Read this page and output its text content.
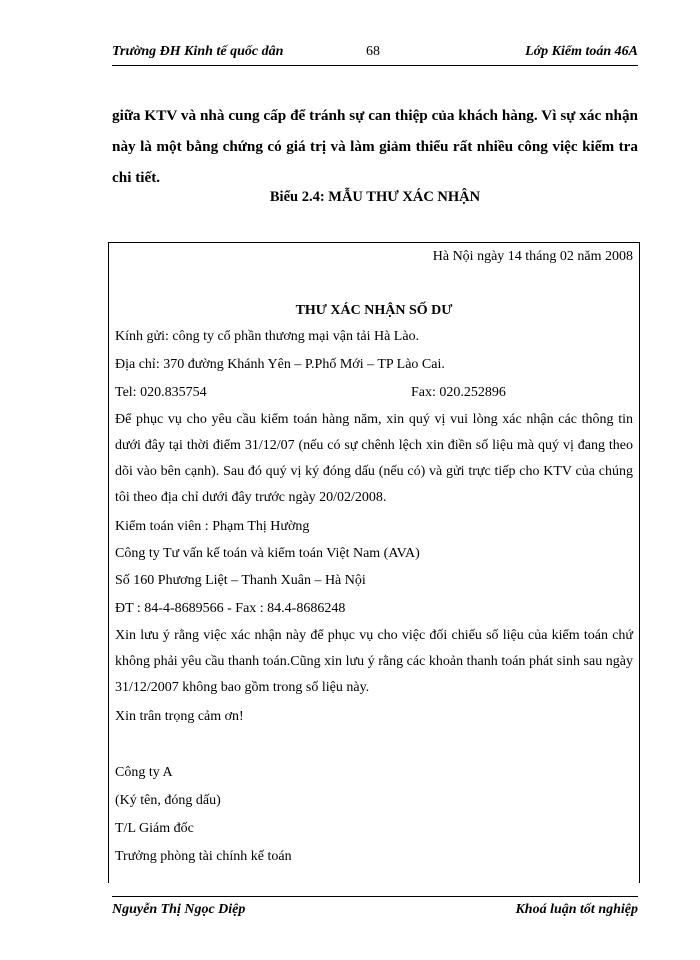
Trường ĐH Kinh tế quốc dân	68	Lớp Kiểm toán 46A

giữa KTV và nhà cung cấp để tránh sự can thiệp của khách hàng. Vì sự xác nhận này là một bằng chứng có giá trị và làm giảm thiểu rất nhiều công việc kiểm tra chi tiết.

Biểu 2.4: MẪU THƯ XÁC NHẬN
Hà Nội ngày 14 tháng 02 năm 2008
THƯ XÁC NHẬN SỐ DƯ
Kính gửi: công ty cổ phần thương mại vận tải Hà Lào.
Địa chỉ: 370 đường Khánh Yên – P.Phố Mới – TP Lào Cai.
Tel: 020.835754	Fax: 020.252896

Để phục vụ cho yêu cầu kiểm toán hàng năm, xin quý vị vui lòng xác nhận các thông tin dưới đây tại thời điểm 31/12/07 (nếu có sự chênh lệch xin điền số liệu mà quý vị đang theo dõi vào bên cạnh). Sau đó quý vị ký đóng dấu (nếu có) và gửi trực tiếp cho KTV của chúng tôi theo địa chỉ dưới đây trước ngày 20/02/2008.

Kiểm toán viên : Phạm Thị Hường
Công ty Tư vấn kế toán và kiểm toán Việt Nam (AVA)
Số 160 Phương Liệt – Thanh Xuân – Hà Nội
ĐT : 84-4-8689566 - Fax : 84.4-8686248

Xin lưu ý rằng việc xác nhận này để phục vụ cho việc đối chiếu số liệu của kiểm toán chứ không phải yêu cầu thanh toán.Cũng xin lưu ý rằng các khoản thanh toán phát sinh sau ngày 31/12/2007 không bao gồm trong số liệu này.

Xin trân trọng cảm ơn!
Công ty A
(Ký tên, đóng dấu)
T/L Giám đốc
Trưởng phòng tài chính kế toán
Nguyễn Thị Ngọc Diệp	Khoá luận tốt nghiệp
